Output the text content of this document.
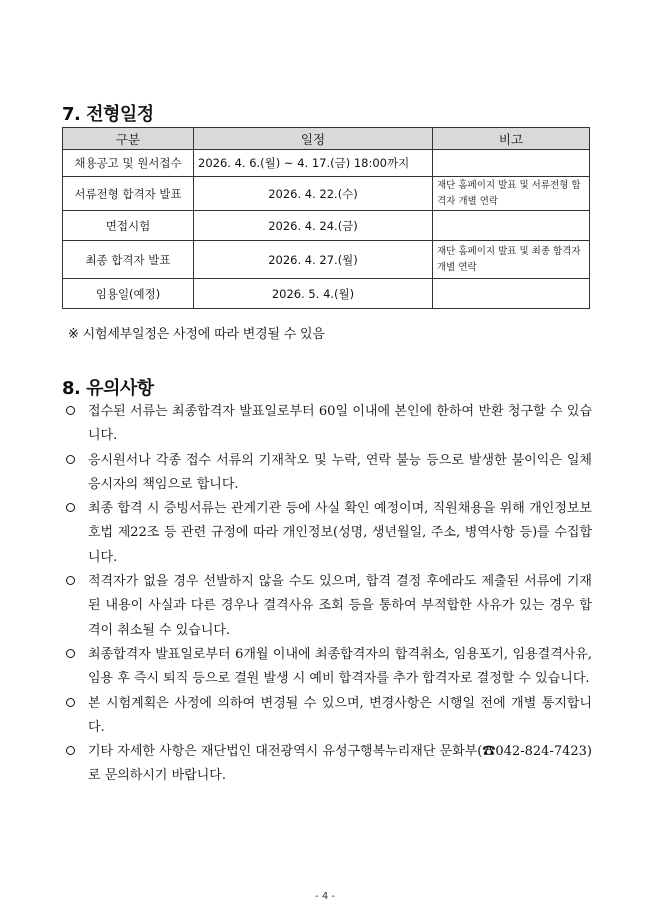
7. 전형일정
구분	일정	비고
채용공고 및 원서접수	2026. 4. 6.(월) ~ 4. 17.(금) 18:00까지	
서류전형 합격자 발표	2026. 4. 22.(수)	재단 홈페이지 발표 및 서류전형 합격자 개별 연락
면접시험	2026. 4. 24.(금)	
최종 합격자 발표	2026. 4. 27.(월)	재단 홈페이지 발표 및 최종 합격자 개별 연락
임용일(예정)	2026. 5. 4.(월)	
※ 시험세부일정은 사정에 따라 변경될 수 있음
8. 유의사항
접수된 서류는 최종합격자 발표일로부터 60일 이내에 본인에 한하여 반환 청구할 수 있습니다.
응시원서나 각종 접수 서류의 기재착오 및 누락, 연락 불능 등으로 발생한 불이익은 일체 응시자의 책임으로 합니다.
최종 합격 시 증빙서류는 관계기관 등에 사실 확인 예정이며, 직원채용을 위해 개인정보보호법 제22조 등 관련 규정에 따라 개인정보(성명, 생년월일, 주소, 병역사항 등)를 수집합니다.
적격자가 없을 경우 선발하지 않을 수도 있으며, 합격 결정 후에라도 제출된 서류에 기재된 내용이 사실과 다른 경우나 결격사유 조회 등을 통하여 부적합한 사유가 있는 경우 합격이 취소될 수 있습니다.
최종합격자 발표일로부터 6개월 이내에 최종합격자의 합격취소, 임용포기, 임용결격사유, 임용 후 즉시 퇴직 등으로 결원 발생 시 예비 합격자를 추가 합격자로 결정할 수 있습니다.
본 시험계획은 사정에 의하여 변경될 수 있으며, 변경사항은 시행일 전에 개별 통지합니다.
기타 자세한 사항은 재단법인 대전광역시 유성구행복누리재단 문화부(☎042-824-7423)로 문의하시기 바랍니다.
- 4 -
